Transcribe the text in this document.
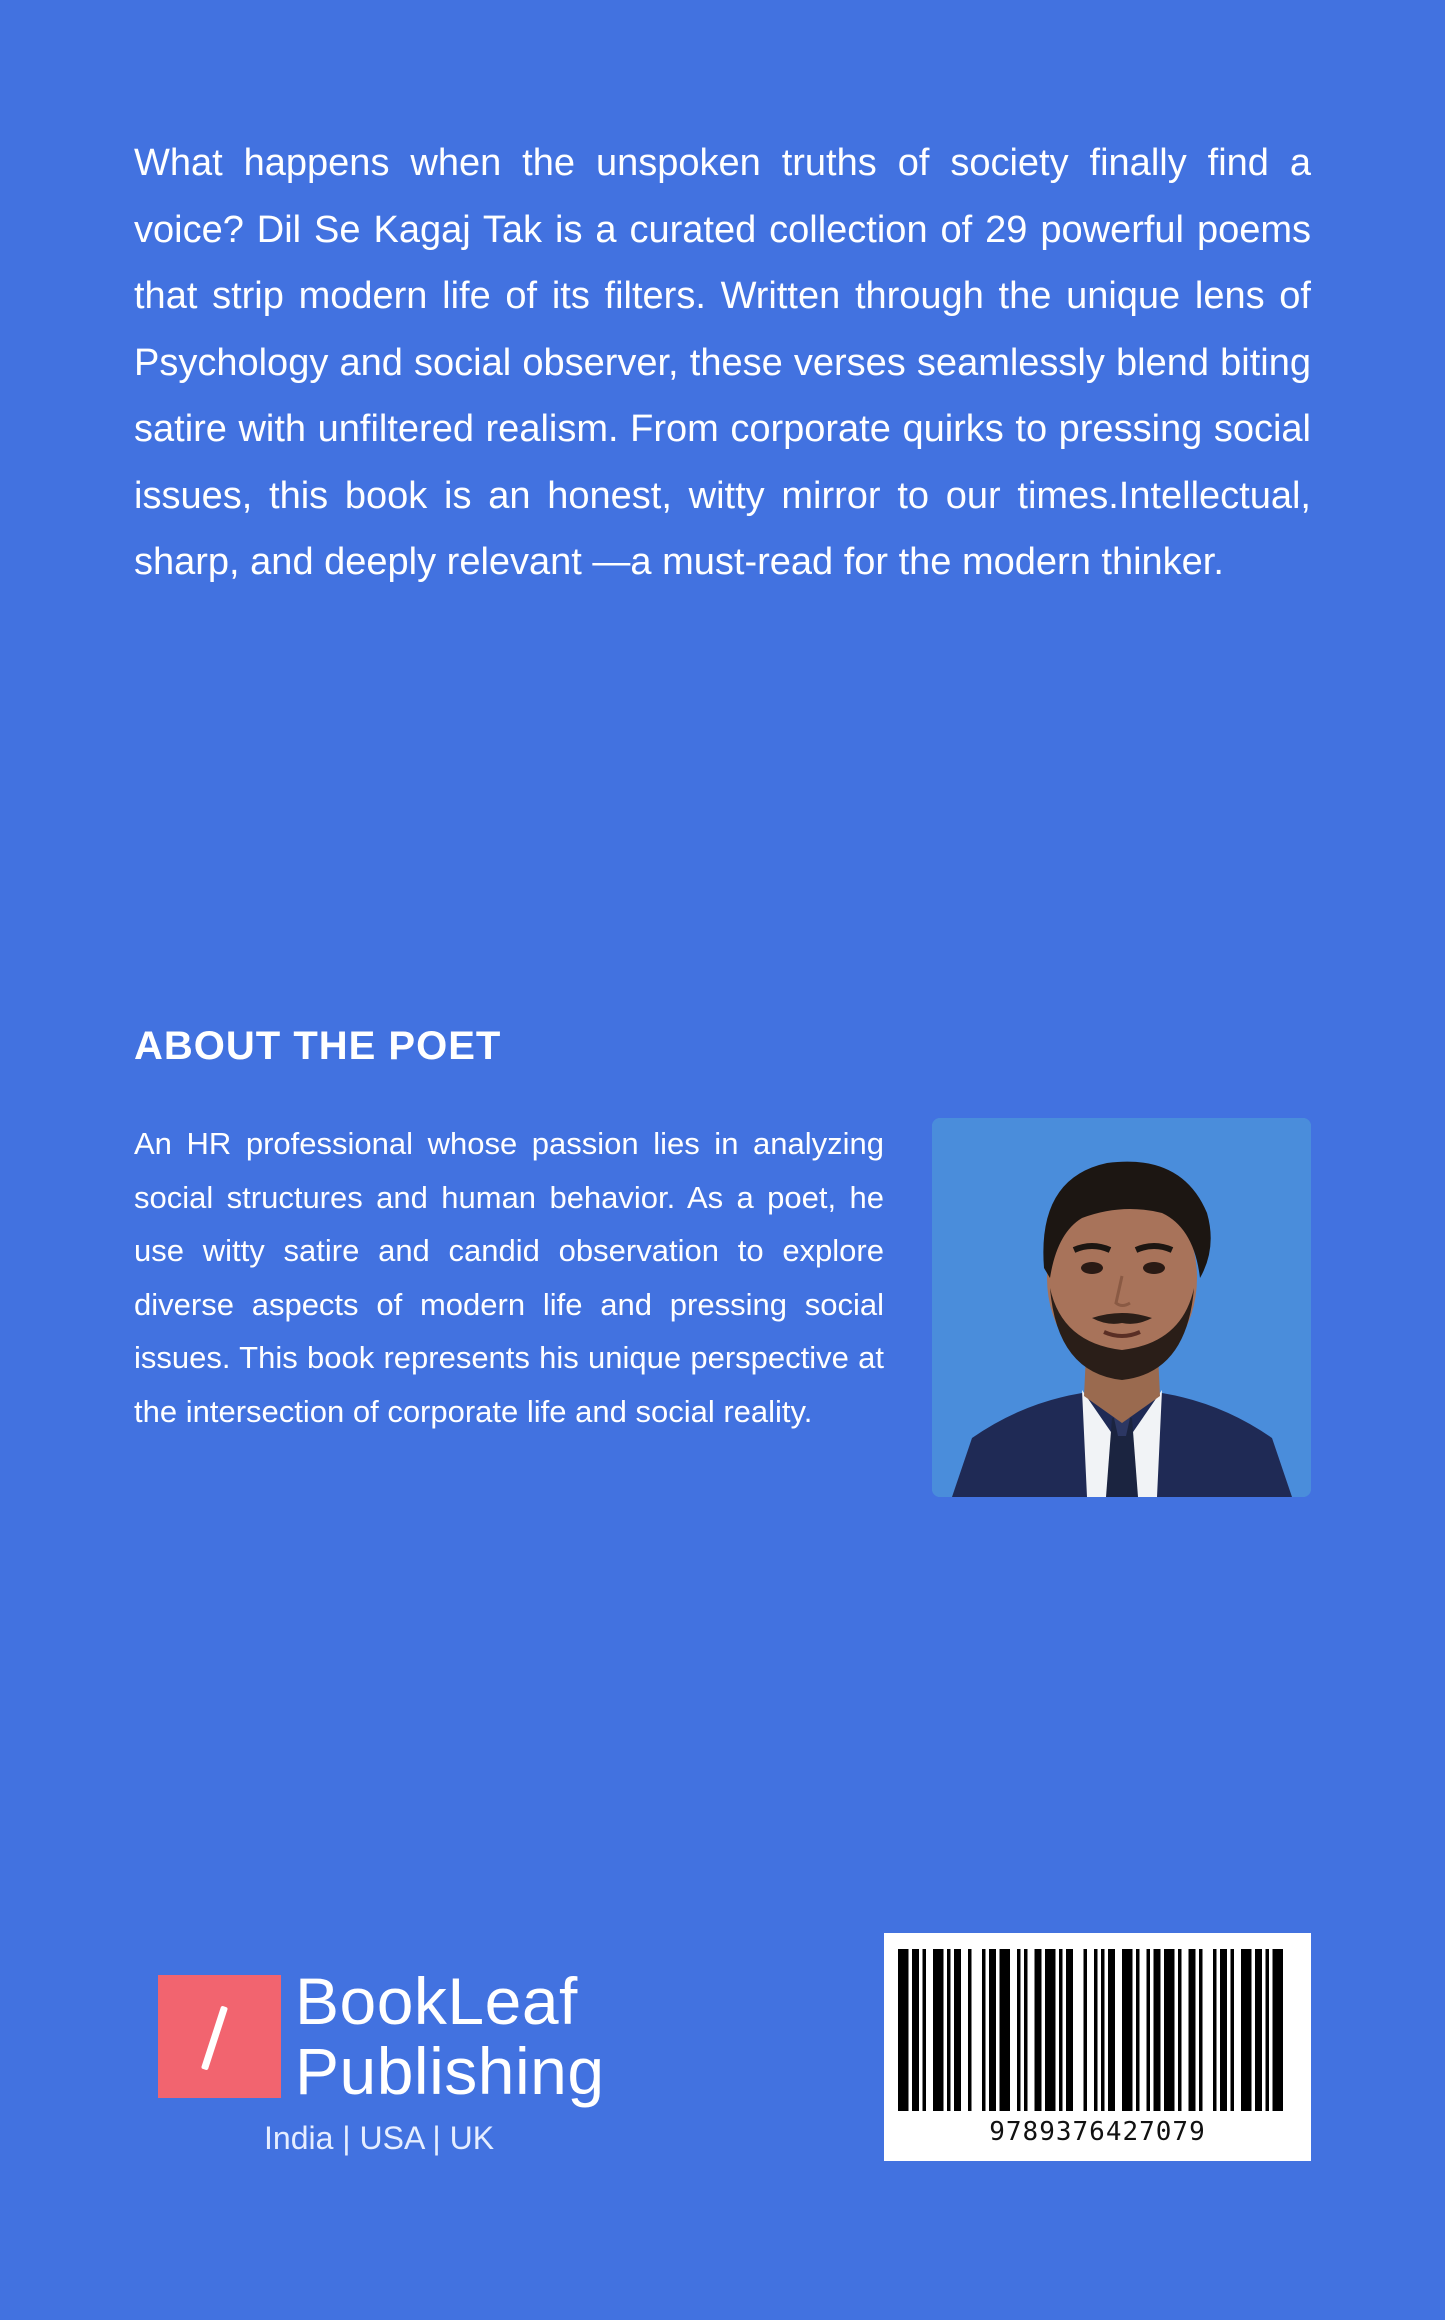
What happens when the unspoken truths of society finally find a voice? Dil Se Kagaj Tak is a curated collection of 29 powerful poems that strip modern life of its filters. Written through the unique lens of Psychology and social observer, these verses seamlessly blend biting satire with unfiltered realism. From corporate quirks to pressing social issues, this book is an honest, witty mirror to our times.Intellectual, sharp, and deeply relevant —a must-read for the modern thinker.

ABOUT THE POET

An HR professional whose passion lies in analyzing social structures and human behavior. As a poet, he use witty satire and candid observation to explore diverse aspects of modern life and pressing social issues. This book represents his unique perspective at the intersection of corporate life and social reality.

BookLeaf
Publishing
India | USA | UK	9789376427079
